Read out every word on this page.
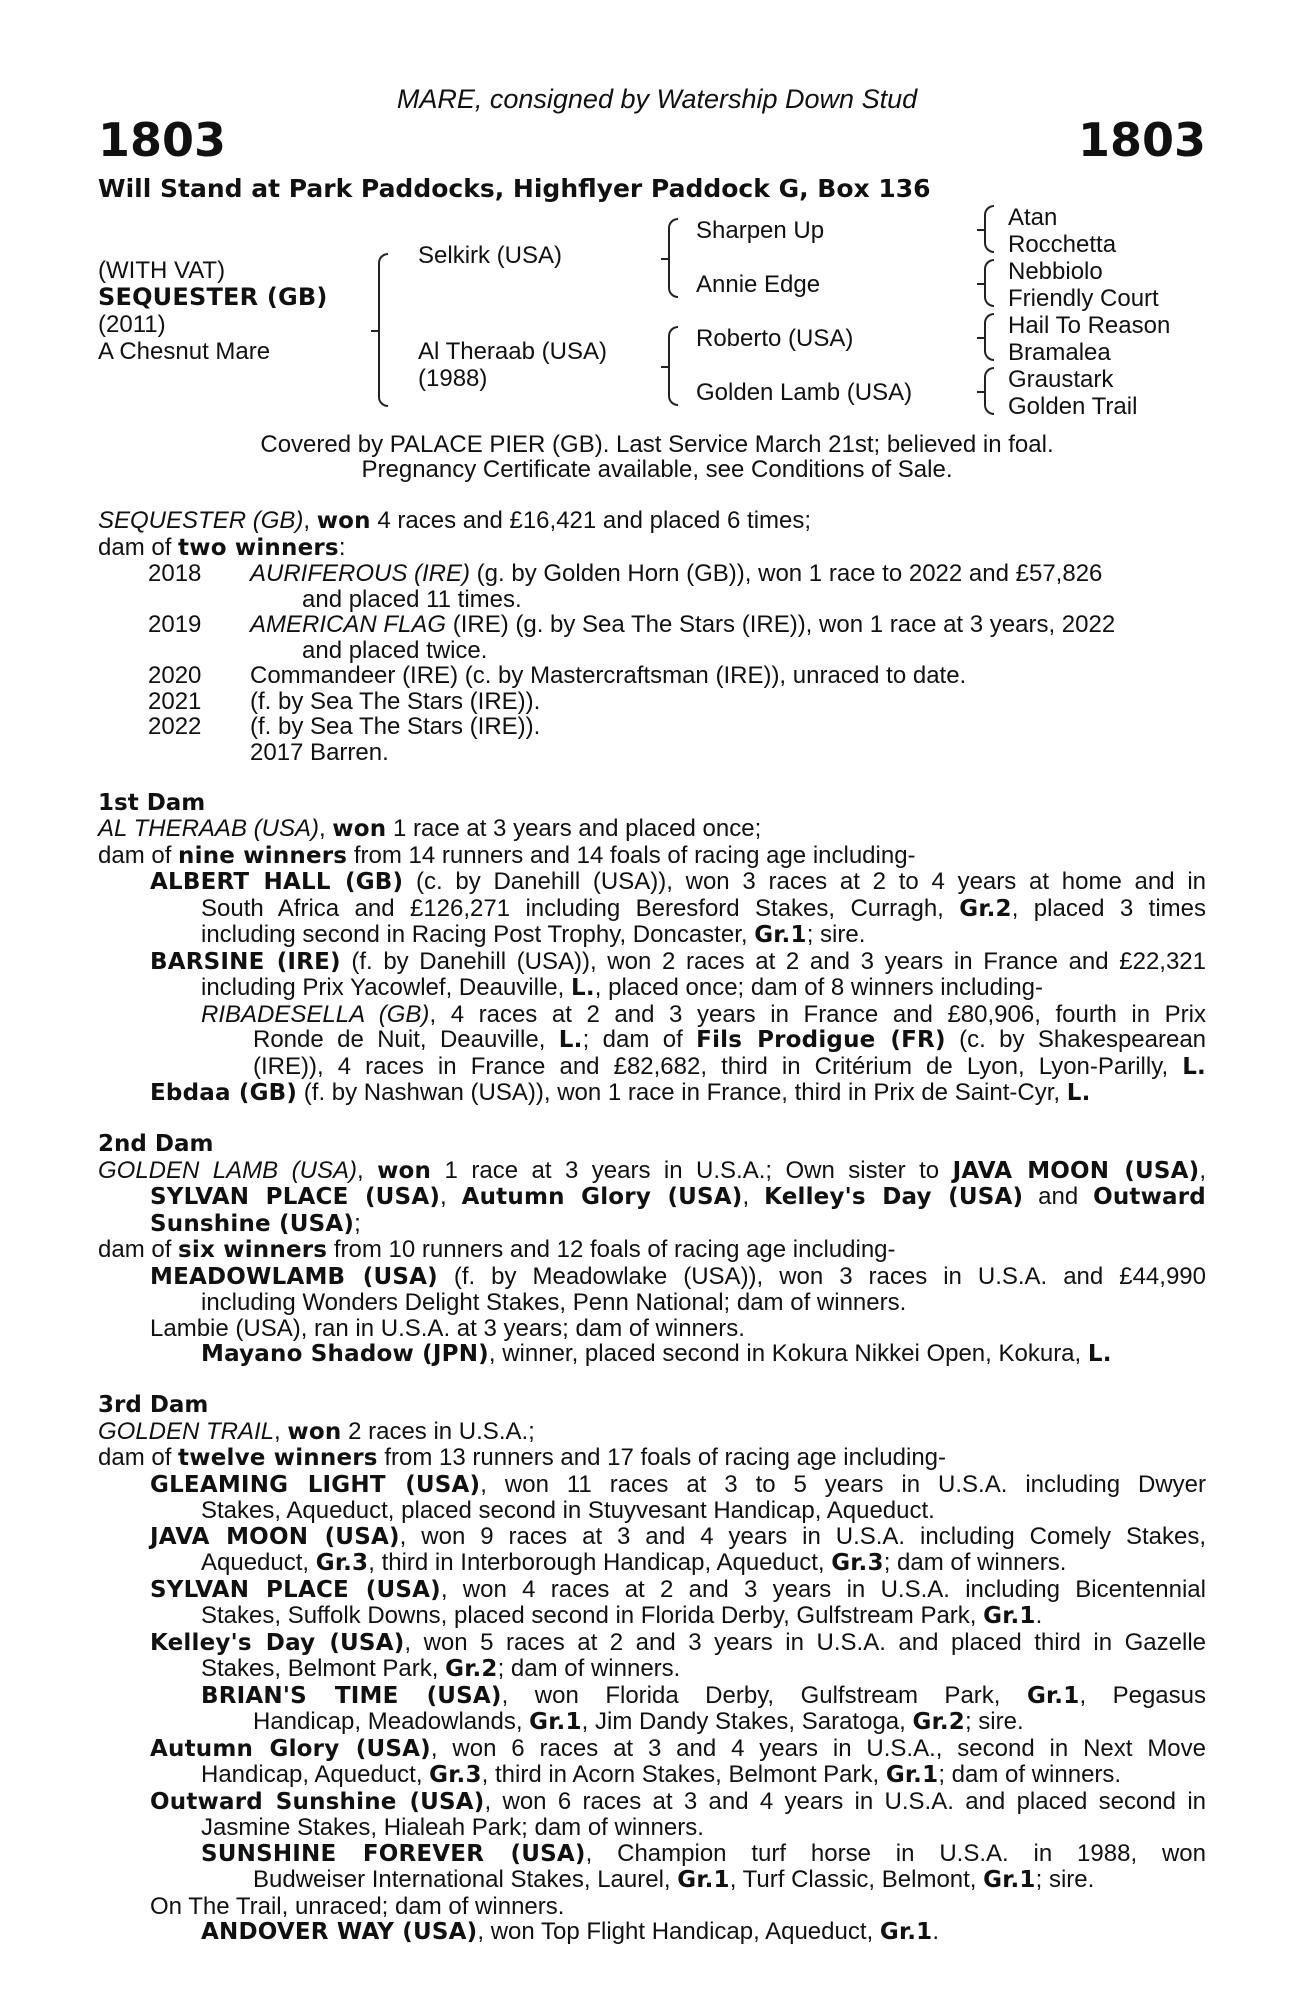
MARE, consigned by Watership Down Stud
1803	1803
Will Stand at Park Paddocks, Highflyer Paddock G, Box 136
(WITH VAT)
SEQUESTER (GB)
(2011)
A Chesnut Mare
Selkirk (USA)
Al Theraab (USA)
(1988)
Sharpen Up
Annie Edge
Roberto (USA)
Golden Lamb (USA)
Atan
Rocchetta
Nebbiolo
Friendly Court
Hail To Reason
Bramalea
Graustark
Golden Trail
Covered by PALACE PIER (GB). Last Service March 21st; believed in foal.
Pregnancy Certificate available, see Conditions of Sale.
SEQUESTER (GB), won 4 races and £16,421 and placed 6 times;
dam of two winners:
2018 AURIFEROUS (IRE) (g. by Golden Horn (GB)), won 1 race to 2022 and £57,826
and placed 11 times.
2019 AMERICAN FLAG (IRE) (g. by Sea The Stars (IRE)), won 1 race at 3 years, 2022
and placed twice.
2020 Commandeer (IRE) (c. by Mastercraftsman (IRE)), unraced to date.
2021 (f. by Sea The Stars (IRE)).
2022 (f. by Sea The Stars (IRE)).
2017 Barren.
1st Dam
AL THERAAB (USA), won 1 race at 3 years and placed once;
dam of nine winners from 14 runners and 14 foals of racing age including-
ALBERT HALL (GB) (c. by Danehill (USA)), won 3 races at 2 to 4 years at home and in
South Africa and £126,271 including Beresford Stakes, Curragh, Gr.2, placed 3 times
including second in Racing Post Trophy, Doncaster, Gr.1; sire.
BARSINE (IRE) (f. by Danehill (USA)), won 2 races at 2 and 3 years in France and £22,321
including Prix Yacowlef, Deauville, L., placed once; dam of 8 winners including-
RIBADESELLA (GB), 4 races at 2 and 3 years in France and £80,906, fourth in Prix
Ronde de Nuit, Deauville, L.; dam of Fils Prodigue (FR) (c. by Shakespearean
(IRE)), 4 races in France and £82,682, third in Critérium de Lyon, Lyon-Parilly, L.
Ebdaa (GB) (f. by Nashwan (USA)), won 1 race in France, third in Prix de Saint-Cyr, L.
2nd Dam
GOLDEN LAMB (USA), won 1 race at 3 years in U.S.A.; Own sister to JAVA MOON (USA),
SYLVAN PLACE (USA), Autumn Glory (USA), Kelley's Day (USA) and Outward
Sunshine (USA);
dam of six winners from 10 runners and 12 foals of racing age including-
MEADOWLAMB (USA) (f. by Meadowlake (USA)), won 3 races in U.S.A. and £44,990
including Wonders Delight Stakes, Penn National; dam of winners.
Lambie (USA), ran in U.S.A. at 3 years; dam of winners.
Mayano Shadow (JPN), winner, placed second in Kokura Nikkei Open, Kokura, L.
3rd Dam
GOLDEN TRAIL, won 2 races in U.S.A.;
dam of twelve winners from 13 runners and 17 foals of racing age including-
GLEAMING LIGHT (USA), won 11 races at 3 to 5 years in U.S.A. including Dwyer
Stakes, Aqueduct, placed second in Stuyvesant Handicap, Aqueduct.
JAVA MOON (USA), won 9 races at 3 and 4 years in U.S.A. including Comely Stakes,
Aqueduct, Gr.3, third in Interborough Handicap, Aqueduct, Gr.3; dam of winners.
SYLVAN PLACE (USA), won 4 races at 2 and 3 years in U.S.A. including Bicentennial
Stakes, Suffolk Downs, placed second in Florida Derby, Gulfstream Park, Gr.1.
Kelley's Day (USA), won 5 races at 2 and 3 years in U.S.A. and placed third in Gazelle
Stakes, Belmont Park, Gr.2; dam of winners.
BRIAN'S TIME (USA), won Florida Derby, Gulfstream Park, Gr.1, Pegasus
Handicap, Meadowlands, Gr.1, Jim Dandy Stakes, Saratoga, Gr.2; sire.
Autumn Glory (USA), won 6 races at 3 and 4 years in U.S.A., second in Next Move
Handicap, Aqueduct, Gr.3, third in Acorn Stakes, Belmont Park, Gr.1; dam of winners.
Outward Sunshine (USA), won 6 races at 3 and 4 years in U.S.A. and placed second in
Jasmine Stakes, Hialeah Park; dam of winners.
SUNSHINE FOREVER (USA), Champion turf horse in U.S.A. in 1988, won
Budweiser International Stakes, Laurel, Gr.1, Turf Classic, Belmont, Gr.1; sire.
On The Trail, unraced; dam of winners.
ANDOVER WAY (USA), won Top Flight Handicap, Aqueduct, Gr.1.
